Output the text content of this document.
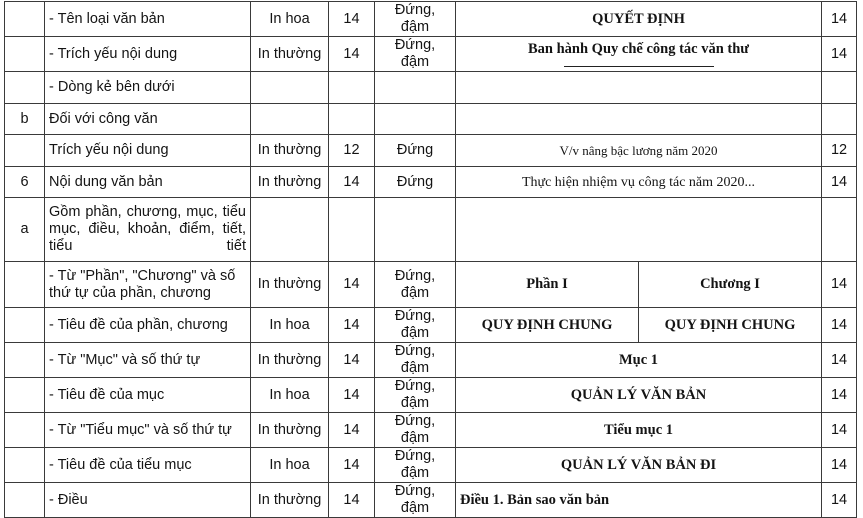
	- Tên loại văn bản	In hoa	14	Đứng, đậm	QUYẾT ĐỊNH		14
	- Trích yếu nội dung	In thường	14	Đứng, đậm	Ban hành Quy chế công tác văn thư		14
	- Dòng kẻ bên dưới						
b	Đối với công văn						
	Trích yếu nội dung	In thường	12	Đứng	V/v nâng bậc lương năm 2020		12
6	Nội dung văn bản	In thường	14	Đứng	Thực hiện nhiệm vụ công tác năm 2020...		14
a	Gồm phần, chương, mục, tiểu mục, điều, khoản, điểm, tiết, tiểu tiết						
	- Từ "Phần", "Chương" và số thứ tự của phần, chương	In thường	14	Đứng, đậm	Phần I	Chương I	14
	- Tiêu đề của phần, chương	In hoa	14	Đứng, đậm	QUY ĐỊNH CHUNG	QUY ĐỊNH CHUNG	14
	- Từ "Mục" và số thứ tự	In thường	14	Đứng, đậm	Mục 1		14
	- Tiêu đề của mục	In hoa	14	Đứng, đậm	QUẢN LÝ VĂN BẢN		14
	- Từ "Tiểu mục" và số thứ tự	In thường	14	Đứng, đậm	Tiểu mục 1		14
	- Tiêu đề của tiểu mục	In hoa	14	Đứng, đậm	QUẢN LÝ VĂN BẢN ĐI		14
	- Điều	In thường	14	Đứng, đậm	Điều 1. Bản sao văn bản		14
